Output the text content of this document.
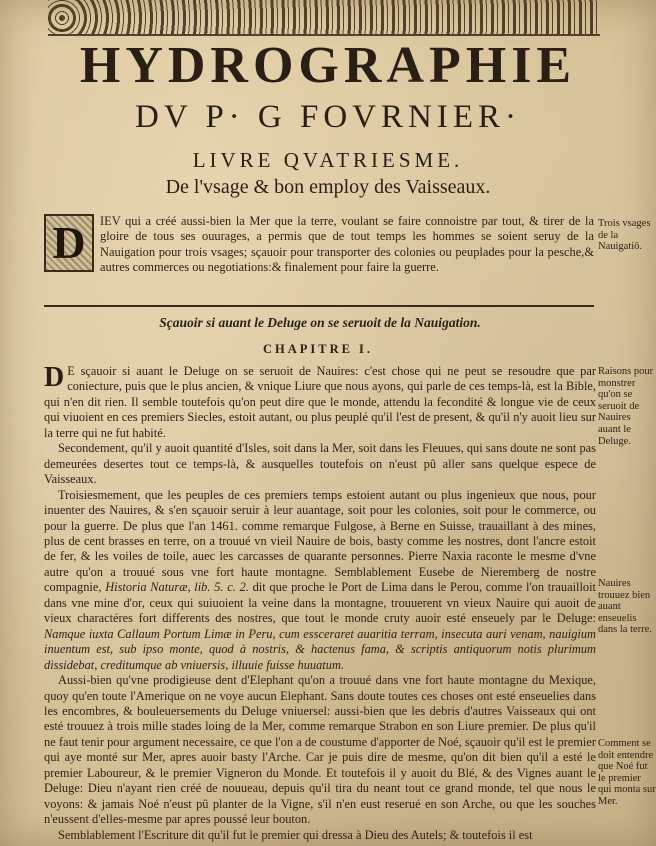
HYDROGRAPHIE
DV P· G FOVRNIER·
LIVRE QVATRIESME.
De l'vsage & bon employ des Vaisseaux.
D	IEV qui a créé aussi-bien la Mer que la terre, voulant se faire connoistre par tout, & tirer de la gloire de tous ses ouurages, a permis que de tout temps les hommes se soient seruy de la Nauigation pour trois vsages; sçauoir pour transporter des colonies ou peuplades pour la pesche,& autres commerces ou negotiations:& finalement pour faire la guerre.
Sçauoir si auant le Deluge on se seruoit de la Nauigation.
CHAPITRE I.

D E sçauoir si auant le Deluge on se seruoit de Nauires: c'est chose qui ne peut se resoudre que par coniecture, puis que le plus ancien, & vnique Liure que nous ayons, qui parle de ces temps-là, est la Bible, qui n'en dit rien. Il semble toutefois qu'on peut dire que le monde, attendu la fecondité & longue vie de ceux qui viuoient en ces premiers Siecles, estoit autant, ou plus peuplé qu'il l'est de present, & qu'il n'y auoit lieu sur la terre qui ne fut habité.

Secondement, qu'il y auoit quantité d'Isles, soit dans la Mer, soit dans les Fleuues, qui sans doute ne sont pas demeurées desertes tout ce temps-là, & ausquelles toutefois on n'eust pû aller sans quelque espece de Vaisseaux.

Troisiesmement, que les peuples de ces premiers temps estoient autant ou plus ingenieux que nous, pour inuenter des Nauires, & s'en sçauoir seruir à leur auantage, soit pour les colonies, soit pour le commerce, ou pour la guerre. De plus que l'an 1461. comme remarque Fulgose, à Berne en Suisse, trauaillant à des mines, plus de cent brasses en terre, on a trouué vn vieil Nauire de bois, basty comme les nostres, dont l'ancre estoit de fer, & les voiles de toile, auec les carcasses de quarante personnes. Pierre Naxia raconte le mesme d'vne autre qu'on a trouué sous vne fort haute montagne. Semblablement Eusebe de Nieremberg de nostre compagnie, Historia Naturæ, lib. 5. c. 2. dit que proche le Port de Lima dans le Perou, comme l'on trauailloit dans vne mine d'or, ceux qui suiuoient la veine dans la montagne, trouuerent vn vieux Nauire qui auoit de vieux charactéres fort differents des nostres, que tout le monde cruty auoir esté enseuely par le Deluge: Namque iuxta Callaum Portum Limæ in Peru, cum essceraret auaritia terram, insecuta auri venam, nauigium inuentum est, sub ipso monte, quod à nostris, & hactenus fama, & scriptis antiquorum notis plurimum dissidebat, creditumque ab vniuersis, illuuie fuisse huuatum.

Aussi-bien qu'vne prodigieuse dent d'Elephant qu'on a trouué dans vne fort haute montagne du Mexique, quoy qu'en toute l'Amerique on ne voye aucun Elephant. Sans doute toutes ces choses ont esté enseuelies dans les encombres, & bouleuersements du Deluge vniuersel: aussi-bien que les debris d'autres Vaisseaux qui ont esté trouuez à trois mille stades loing de la Mer, comme remarque Strabon en son Liure premier. De plus qu'il ne faut tenir pour argument necessaire, ce que l'on a de coustume d'apporter de Noé, sçauoir qu'il est le premier qui aye monté sur Mer, apres auoir basty l'Arche. Car je puis dire de mesme, qu'on dit bien qu'il a esté le premier Laboureur, & le premier Vigneron du Monde. Et toutefois il y auoit du Blé, & des Vignes auant le Deluge: Dieu n'ayant rien créé de nouueau, depuis qu'il tira du neant tout ce grand monde, tel que nous le voyons: & jamais Noé n'eust pû planter de la Vigne, s'il n'en eust reserué en son Arche, ou que les souches n'eussent d'elles-mesme par apres poussé leur bouton.

Semblablement l'Escriture dit qu'il fut le premier qui dressa à Dieu des Autels; & toutefois il est

Trois vsages de la Nauigatiō.
Raisons pour monstrer qu'on se seruoit de Nauires auant le Deluge.
Nauires trouuez bien auant enseuelis dans la terre.
Comment se doit entendre que Noé fut le premier qui monta sur Mer.
